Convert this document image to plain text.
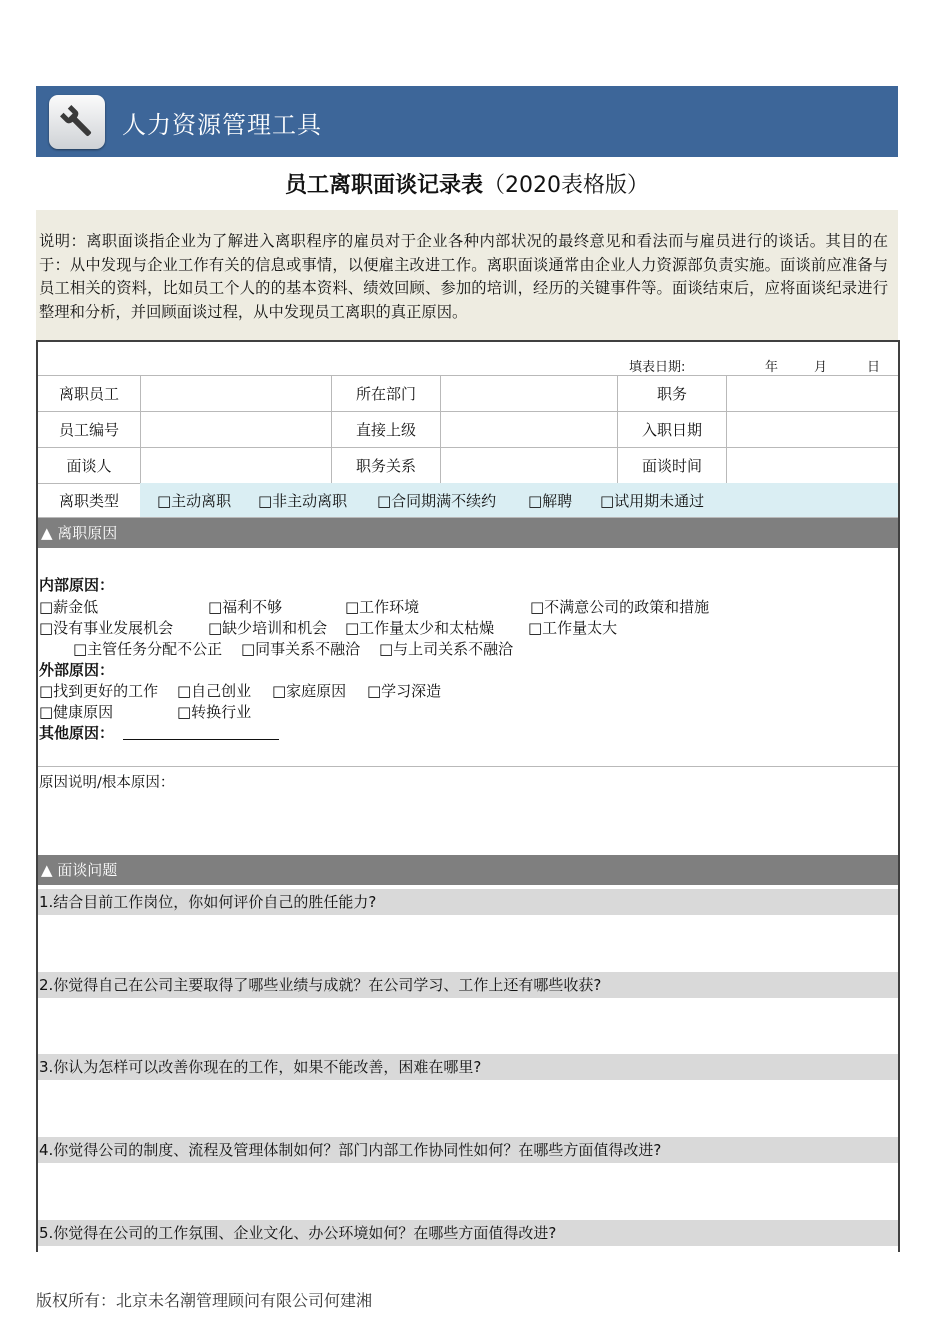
人力资源管理工具
员工离职面谈记录表（2020表格版）
说明：离职面谈指企业为了解进入离职程序的雇员对于企业各种内部状况的最终意见和看法而与雇员进行的谈话。其目的在于：从中发现与企业工作有关的信息或事情，以便雇主改进工作。离职面谈通常由企业人力资源部负责实施。面谈前应准备与员工相关的资料，比如员工个人的的基本资料、绩效回顾、参加的培训，经历的关键事件等。面谈结束后，应将面谈纪录进行整理和分析，并回顾面谈过程，从中发现员工离职的真正原因。
填表日期:	年	月	日
离职员工	所在部门	职务
员工编号	直接上级	入职日期
面谈人	职务关系	面谈时间
离职类型	□主动离职 □非主动离职 □合同期满不续约 □解聘 □试用期未通过
▲ 离职原因
内部原因：
□薪金低	□福利不够	□工作环境	□不满意公司的政策和措施
□没有事业发展机会 □缺少培训和机会 □工作量太少和太枯燥 □工作量太大
□主管任务分配不公正 □同事关系不融洽 □与上司关系不融洽
外部原因：
□找到更好的工作 □自己创业 □家庭原因 □学习深造
□健康原因	□转换行业
其他原因：
原因说明/根本原因：
▲ 面谈问题
1.结合目前工作岗位，你如何评价自己的胜任能力?
2.你觉得自己在公司主要取得了哪些业绩与成就？在公司学习、工作上还有哪些收获?
3.你认为怎样可以改善你现在的工作，如果不能改善，困难在哪里?
4.你觉得公司的制度、流程及管理体制如何？部门内部工作协同性如何？在哪些方面值得改进?
5.你觉得在公司的工作氛围、企业文化、办公环境如何？在哪些方面值得改进?
版权所有：北京未名潮管理顾问有限公司何建湘
